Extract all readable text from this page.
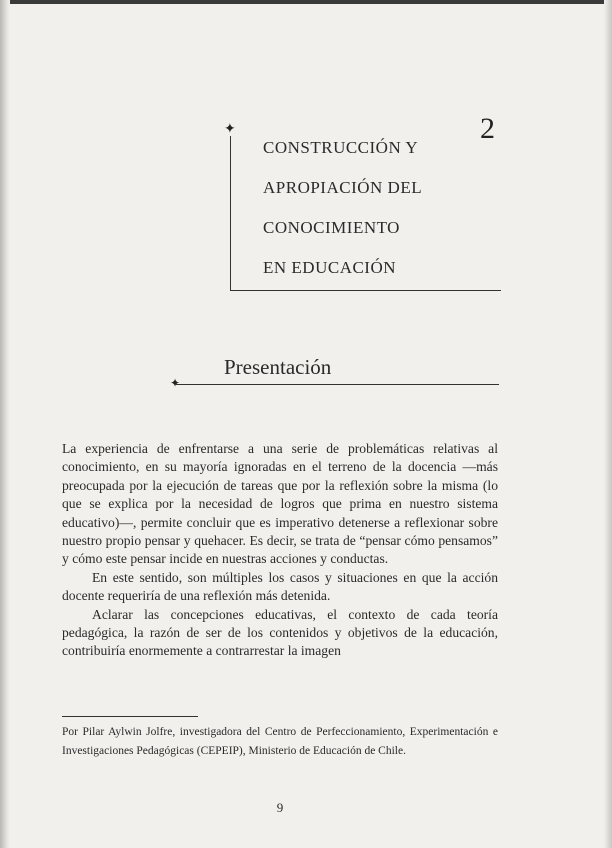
✦	2
CONSTRUCCIÓN Y
APROPIACIÓN DEL
CONOCIMIENTO
EN EDUCACIÓN
Presentación
✦

La experiencia de enfrentarse a una serie de problemáticas relativas al conocimiento, en su mayoría ignoradas en el terreno de la docencia —más preocupada por la ejecución de tareas que por la reflexión sobre la misma (lo que se explica por la necesidad de logros que prima en nuestro sistema educativo)—, permite concluir que es imperativo detenerse a reflexionar sobre nuestro propio pensar y quehacer. Es decir, se trata de “pensar cómo pensamos” y cómo este pensar incide en nuestras acciones y conductas.

En este sentido, son múltiples los casos y situaciones en que la acción docente requeriría de una reflexión más detenida.

Aclarar las concepciones educativas, el contexto de cada teoría pedagógica, la razón de ser de los contenidos y objetivos de la educación, contribuiría enormemente a contrarrestar la imagen

Por Pilar Aylwin Jolfre, investigadora del Centro de Perfeccionamiento, Experimentación e Investigaciones Pedagógicas (CEPEIP), Ministerio de Educación de Chile.
9
